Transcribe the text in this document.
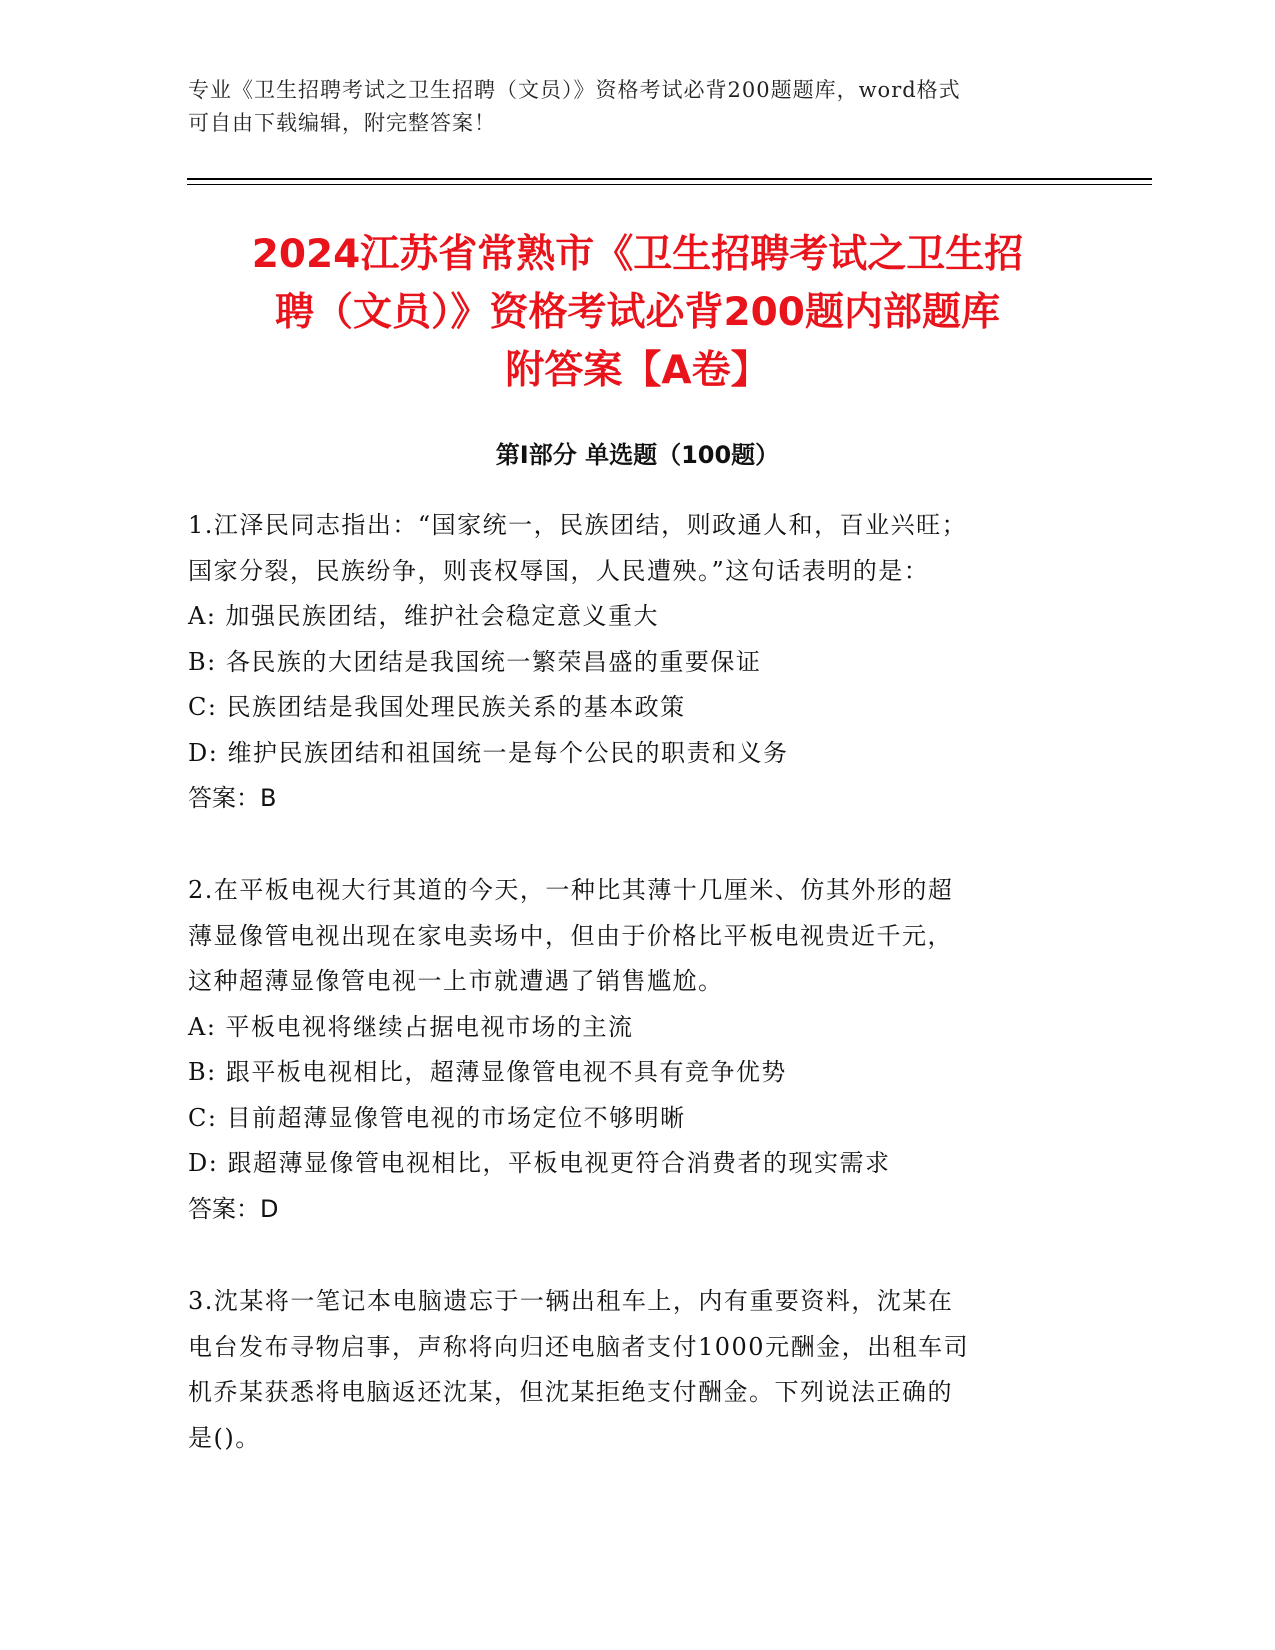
专业《卫生招聘考试之卫生招聘（文员）》资格考试必背200题题库，word格式
可自由下载编辑，附完整答案！
2024江苏省常熟市《卫生招聘考试之卫生招
聘（文员）》资格考试必背200题内部题库
附答案【A卷】
第Ⅰ部分 单选题（100题）
1.江泽民同志指出：“国家统一，民族团结，则政通人和，百业兴旺；
国家分裂，民族纷争，则丧权辱国，人民遭殃。”这句话表明的是：
A: 加强民族团结，维护社会稳定意义重大
B: 各民族的大团结是我国统一繁荣昌盛的重要保证
C: 民族团结是我国处理民族关系的基本政策
D: 维护民族团结和祖国统一是每个公民的职责和义务
答案：B
2.在平板电视大行其道的今天，一种比其薄十几厘米、仿其外形的超
薄显像管电视出现在家电卖场中，但由于价格比平板电视贵近千元，
这种超薄显像管电视一上市就遭遇了销售尴尬。
A: 平板电视将继续占据电视市场的主流
B: 跟平板电视相比，超薄显像管电视不具有竞争优势
C: 目前超薄显像管电视的市场定位不够明晰
D: 跟超薄显像管电视相比，平板电视更符合消费者的现实需求
答案：D
3.沈某将一笔记本电脑遗忘于一辆出租车上，内有重要资料，沈某在
电台发布寻物启事，声称将向归还电脑者支付1000元酬金，出租车司
机乔某获悉将电脑返还沈某，但沈某拒绝支付酬金。下列说法正确的
是()。
